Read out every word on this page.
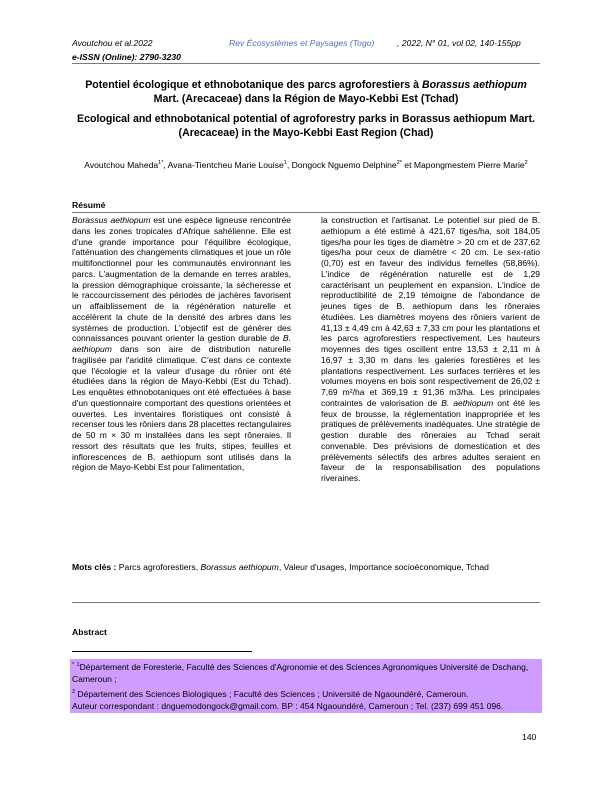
Avoutchou et al.2022	Rev Écosystèmes et Paysages (Togo)	, 2022, N° 01, vol 02, 140-155pp
e-ISSN (Online): 2790-3230
Potentiel écologique et ethnobotanique des parcs agroforestiers à Borassus aethiopum Mart. (Arecaceae) dans la Région de Mayo-Kebbi Est (Tchad)
Ecological and ethnobotanical potential of agroforestry parks in Borassus aethiopum Mart. (Arecaceae) in the Mayo-Kebbi East Region (Chad)
Avoutchou Maheda$^{1*}$, Avana-Tientcheu Marie Louise$^1$, Dongock Nguemo Delphine$^{2*}$ et Mapongmestem Pierre Marie$^2$
Résumé

Borassus aethiopum est une espèce ligneuse rencontrée dans les zones tropicales d'Afrique sahélienne. Elle est d'une grande importance pour l'équilibre écologique, l'atténuation des changements climatiques et joue un rôle multifonctionnel pour les communautés environnant les parcs. L'augmentation de la demande en terres arables, la pression démographique croissante, la sécheresse et le raccourcissement des périodes de jachères favorisent un affaiblissement de la régénération naturelle et accélèrent la chute de la densité des arbres dans les systèmes de production. L'objectif est de générer des connaissances pouvant orienter la gestion durable de B. aethiopum dans son aire de distribution naturelle fragilisée par l'aridité climatique. C'est dans ce contexte que l'écologie et la valeur d'usage du rônier ont été étudiées dans la région de Mayo-Kebbi (Est du Tchad). Les enquêtes ethnobotaniques ont été effectuées à base d'un questionnaire comportant des questions orientées et ouvertes. Les inventaires floristiques ont consisté à recenser tous les rôniers dans 28 placettes rectangulaires de 50 m × 30 m installées dans les sept rôneraies. Il ressort des résultats que les fruits, stipes, feuilles et inflorescences de B. aethiopum sont utilisés dans la région de Mayo-Kebbi Est pour l'alimentation,

la construction et l'artisanat. Le potentiel sur pied de B. aethiopum a été estimé à 421,67 tiges/ha, soit 184,05 tiges/ha pour les tiges de diamètre > 20 cm et de 237,62 tiges/ha pour ceux de diamètre < 20 cm. Le sex-ratio (0,70) est en faveur des individus femelles (58,86%). L'indice de régénération naturelle est de 1,29 caractérisant un peuplement en expansion. L'indice de reproductibilité de 2,19 témoigne de l'abondance de jeunes tiges de B. aethiopum dans les rôneraies étudiées. Les diamètres moyens des rôniers varient de 41,13 ± 4,49 cm à 42,63 ± 7,33 cm pour les plantations et les parcs agroforestiers respectivement. Les hauteurs moyennes des tiges oscillent entre 13,53 ± 2,11 m à 16,97 ± 3,30 m dans les galeries forestières et les plantations respectivement. Les surfaces terrières et les volumes moyens en bois sont respectivement de 26,02 ± 7,69 m²/ha et 369,19 ± 91,36 m3/ha. Les principales contraintes de valorisation de B. aethiopum ont été les feux de brousse, la réglementation inappropriée et les pratiques de prélèvements inadéquates. Une stratégie de gestion durable des rôneraies au Tchad serait convenable. Des prévisions de domestication et des prélèvements sélectifs des arbres adultes seraient en faveur de la responsabilisation des populations riveraines.

Mots clés : Parcs agroforestiers, Borassus aethiopum, Valeur d'usages, Importance socioéconomique, Tchad
Abstract

* $^1$Département de Foresterie, Faculté des Sciences d'Agronomie et des Sciences Agronomiques Université de Dschang, Cameroun ;

$^2$ Département des Sciences Biologiques ; Faculté des Sciences ; Université de Ngaoundéré, Cameroun.

Auteur correspondant : dnguemodongock@gmail.com. BP : 454 Ngaoundéré, Cameroun ; Tel. (237) 699 451 096.

140
